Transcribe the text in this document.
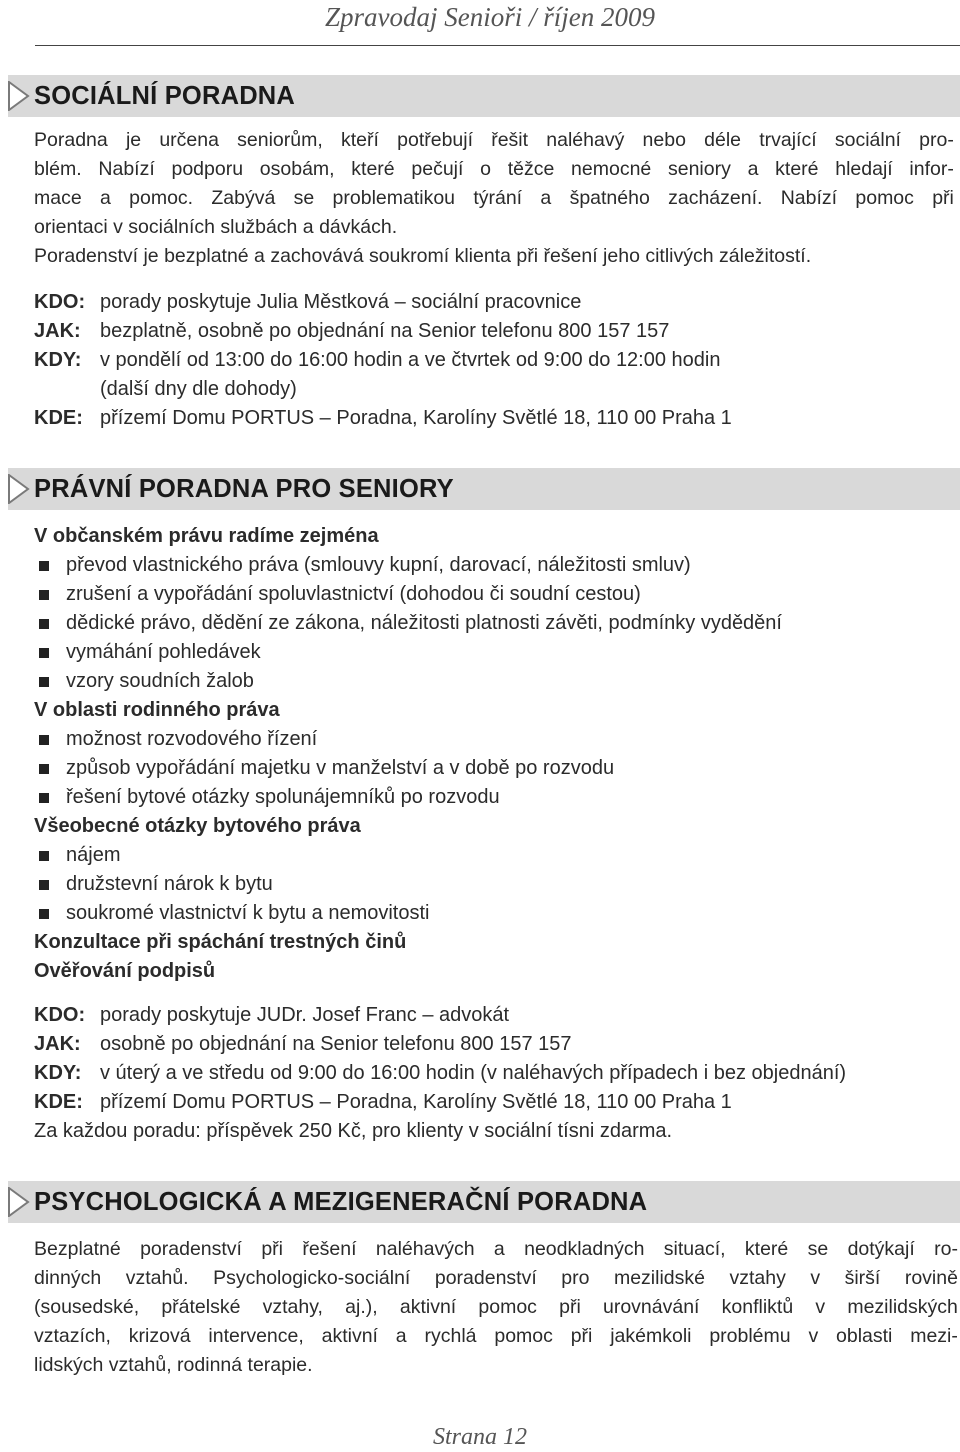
Zpravodaj Senioři / říjen 2009
SOCIÁLNÍ PORADNA
Poradna je určena seniorům, kteří potřebují řešit naléhavý nebo déle trvající sociální pro-
blém. Nabízí podporu osobám, které pečují o těžce nemocné seniory a které hledají infor-
mace a pomoc. Zabývá se problematikou týrání a špatného zacházení. Nabízí pomoc při
orientaci v sociálních službách a dávkách.
Poradenství je bezplatné a zachovává soukromí klienta při řešení jeho citlivých záležitostí.
KDO: porady poskytuje Julia Městková – sociální pracovnice
JAK: bezplatně, osobně po objednání na Senior telefonu 800 157 157
KDY: v pondělí od 13:00 do 16:00 hodin a ve čtvrtek od 9:00 do 12:00 hodin
(další dny dle dohody)
KDE: přízemí Domu PORTUS – Poradna, Karolíny Světlé 18, 110 00 Praha 1
PRÁVNÍ PORADNA PRO SENIORY
V občanském právu radíme zejména
převod vlastnického práva (smlouvy kupní, darovací, náležitosti smluv)
zrušení a vypořádání spoluvlastnictví (dohodou či soudní cestou)
dědické právo, dědění ze zákona, náležitosti platnosti závěti, podmínky vydědění
vymáhání pohledávek
vzory soudních žalob
V oblasti rodinného práva
možnost rozvodového řízení
způsob vypořádání majetku v manželství a v době po rozvodu
řešení bytové otázky spolunájemníků po rozvodu
Všeobecné otázky bytového práva
nájem
družstevní nárok k bytu
soukromé vlastnictví k bytu a nemovitosti
Konzultace při spáchání trestných činů
Ověřování podpisů
KDO: porady poskytuje JUDr. Josef Franc – advokát
JAK: osobně po objednání na Senior telefonu 800 157 157
KDY: v úterý a ve středu od 9:00 do 16:00 hodin (v naléhavých případech i bez objednání)
KDE: přízemí Domu PORTUS – Poradna, Karolíny Světlé 18, 110 00 Praha 1
Za každou poradu: příspěvek 250 Kč, pro klienty v sociální tísni zdarma.
PSYCHOLOGICKÁ A MEZIGENERAČNÍ PORADNA
Bezplatné poradenství při řešení naléhavých a neodkladných situací, které se dotýkají ro-
dinných vztahů. Psychologicko-sociální poradenství pro mezilidské vztahy v širší rovině
(sousedské, přátelské vztahy, aj.), aktivní pomoc při urovnávání konfliktů v mezilidských
vztazích, krizová intervence, aktivní a rychlá pomoc při jakémkoli problému v oblasti mezi-
lidských vztahů, rodinná terapie.
Strana 12
